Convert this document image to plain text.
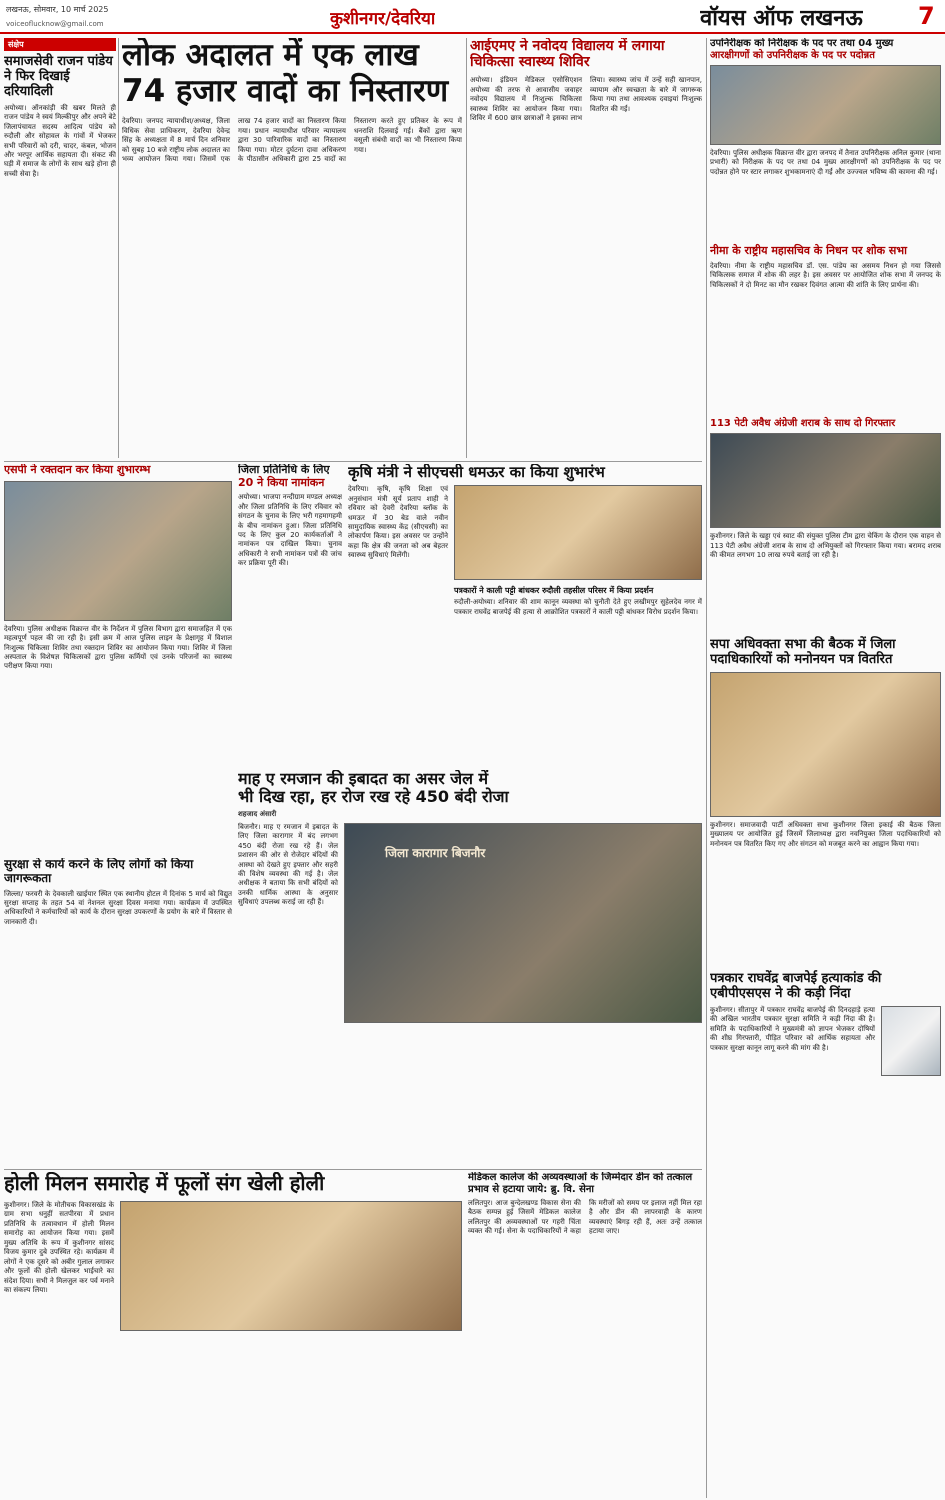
लखनऊ, सोमवार, 10 मार्च 2025
voiceoflucknow@gmail.com	कुशीनगर/देवरिया	वॉयस ऑफ लखनऊ 7
संक्षेप
समाजसेवी राजन पांडेय ने फिर दिखाई दरियादिली
अयोध्या। ऑनकांड़ी की खबर मिलते ही राजन पांडेय ने स्वयं मिल्कीपुर और अपने बेटे जिलापंचायत सदस्य आदित्य पांडेय को रुदौली और सोहावल के गांवों में भेजकर सभी परिवारों को दरी, चादर, कंबल, भोजन और भरपूर आर्थिक सहायता दी। संकट की घड़ी में समाज के लोगों के साथ खड़े होना ही सच्ची सेवा है।
लोक अदालत में एक लाख
74 हजार वादों का निस्तारण
देवरिया। जनपद न्यायाधीश/अध्यक्ष, जिला विधिक सेवा प्राधिकरण, देवरिया देवेन्द्र सिंह के अध्यक्षता में 8 मार्च दिन शनिवार को सुबह 10 बजे राष्ट्रीय लोक अदालत का भव्य आयोजन किया गया। जिसमें एक लाख 74 हजार वादों का निस्तारण किया गया। प्रधान न्यायाधीश परिवार न्यायालय द्वारा 30 पारिवारिक वादों का निस्तारण किया गया। मोटर दुर्घटना दावा अधिकरण के पीठासीन अधिकारी द्वारा 25 वादों का निस्तारण करते हुए प्रतिकर के रूप में धनराशि दिलवाई गई। बैंकों द्वारा ऋण वसूली संबंधी वादों का भी निस्तारण किया गया।
आईएमए ने नवोदय विद्यालय में लगाया चिकित्सा स्वास्थ्य शिविर
अयोध्या। इंडियन मेडिकल एसोसिएशन अयोध्या की तरफ से आवासीय जवाहर नवोदय विद्यालय में निःशुल्क चिकित्सा स्वास्थ्य शिविर का आयोजन किया गया। शिविर में 600 छात्र छात्राओं ने इसका लाभ लिया। स्वास्थ्य जांच में उन्हें सही खानपान, व्यायाम और स्वच्छता के बारे में जागरूक किया गया तथा आवश्यक दवाइयां निःशुल्क वितरित की गईं।
उपनिरीक्षक को निरीक्षक के पद पर तथा 04 मुख्य
आरक्षीगणों को उपनिरीक्षक के पद पर पदोन्नत
देवरिया। पुलिस अधीक्षक विक्रान्त वीर द्वारा जनपद में तैनात उपनिरीक्षक अनिल कुमार (थाना प्रभारी) को निरीक्षक के पद पर तथा 04 मुख्य आरक्षीगणों को उपनिरीक्षक के पद पर पदोन्नत होने पर स्टार लगाकर शुभकामनाएं दी गईं और उज्ज्वल भविष्य की कामना की गई।
नीमा के राष्ट्रीय महासचिव के निधन पर शोक सभा
देवरिया। नीमा के राष्ट्रीय महासचिव डॉ. एस. पांडेय का असमय निधन हो गया जिससे चिकित्सक समाज में शोक की लहर है। इस अवसर पर आयोजित शोक सभा में जनपद के चिकित्सकों ने दो मिनट का मौन रखकर दिवंगत आत्मा की शांति के लिए प्रार्थना की।
113 पेटी अवैध अंग्रेजी शराब के साथ दो गिरफ्तार
कुशीनगर। जिले के खड्डा एवं स्वाट की संयुक्त पुलिस टीम द्वारा चेकिंग के दौरान एक वाहन से 113 पेटी अवैध अंग्रेजी शराब के साथ दो अभियुक्तों को गिरफ्तार किया गया। बरामद शराब की कीमत लगभग 10 लाख रुपये बताई जा रही है।
सपा अधिवक्ता सभा की बैठक में जिला पदाधिकारियों को मनोनयन पत्र वितरित
कुशीनगर। समाजवादी पार्टी अधिवक्ता सभा कुशीनगर जिला इकाई की बैठक जिला मुख्यालय पर आयोजित हुई जिसमें जिलाध्यक्ष द्वारा नवनियुक्त जिला पदाधिकारियों को मनोनयन पत्र वितरित किए गए और संगठन को मजबूत करने का आह्वान किया गया।
पत्रकार राघवेंद्र बाजपेई हत्याकांड की एबीपीएसएस ने की कड़ी निंदा
कुशीनगर। सीतापुर में पत्रकार राघवेंद्र बाजपेई की दिनदहाड़े हत्या की अखिल भारतीय पत्रकार सुरक्षा समिति ने कड़ी निंदा की है। समिति के पदाधिकारियों ने मुख्यमंत्री को ज्ञापन भेजकर दोषियों की शीघ्र गिरफ्तारी, पीड़ित परिवार को आर्थिक सहायता और पत्रकार सुरक्षा कानून लागू करने की मांग की है।
एसपी ने रक्तदान कर किया शुभारम्भ
देवरिया। पुलिस अधीक्षक विक्रान्त वीर के निर्देशन में पुलिस विभाग द्वारा समाजहित में एक महत्वपूर्ण पहल की जा रही है। इसी क्रम में आज पुलिस लाइन के प्रेक्षागृह में विशाल निःशुल्क चिकित्सा शिविर तथा रक्तदान शिविर का आयोजन किया गया। शिविर में जिला अस्पताल के विशेषज्ञ चिकित्सकों द्वारा पुलिस कर्मियों एवं उनके परिजनों का स्वास्थ्य परीक्षण किया गया।
जिला प्रतिनिधि के लिए
20 ने किया नामांकन
अयोध्या। भाजपा नन्दीग्राम मण्डल अध्यक्ष और जिला प्रतिनिधि के लिए रविवार को संगठन के चुनाव के लिए भरी गहमागहमी के बीच नामांकन हुआ। जिला प्रतिनिधि पद के लिए कुल 20 कार्यकर्ताओं ने नामांकन पत्र दाखिल किया। चुनाव अधिकारी ने सभी नामांकन पत्रों की जांच कर प्रक्रिया पूरी की।
कृषि मंत्री ने सीएचसी धमऊर का किया शुभारंभ
देवरिया। कृषि, कृषि शिक्षा एवं अनुसंधान मंत्री सूर्य प्रताप शाही ने रविवार को देवरी देवरिया ब्लॉक के धमऊर में 30 बेड वाले नवीन सामुदायिक स्वास्थ्य केंद्र (सीएचसी) का लोकार्पण किया। इस अवसर पर उन्होंने कहा कि क्षेत्र की जनता को अब बेहतर स्वास्थ्य सुविधाएं मिलेंगी।
पत्रकारों ने काली पट्टी बांधकर रुदौली तहसील परिसर में किया प्रदर्शन
रुदौली-अयोध्या। शनिवार की शाम कानून व्यवस्था को चुनौती देते हुए लखीमपुर सुहेलदेव नगर में पत्रकार राघवेंद्र बाजपेई की हत्या से आक्रोशित पत्रकारों ने काली पट्टी बांधकर विरोध प्रदर्शन किया।
सुरक्षा से कार्य करने के लिए लोगों को किया जागरूकता
जिल्ला/ फरवरी के देवकाली खाईयार स्थित एक स्थानीय होटल में दिनांक 5 मार्च को विद्युत सुरक्षा सप्ताह के तहत 54 वां नेशनल सुरक्षा दिवस मनाया गया। कार्यक्रम में उपस्थित अधिकारियों ने कर्मचारियों को कार्य के दौरान सुरक्षा उपकरणों के प्रयोग के बारे में विस्तार से जानकारी दी।
माह ए रमजान की इबादत का असर जेल में
भी दिख रहा, हर रोज रख रहे 450 बंदी रोजा
शहजाद अंसारी
बिजनौर। माह ए रमजान में इबादत के लिए जिला कारागार में बंद लगभग 450 बंदी रोजा रख रहे हैं। जेल प्रशासन की ओर से रोजेदार बंदियों की आस्था को देखते हुए इफ्तार और सहरी की विशेष व्यवस्था की गई है। जेल अधीक्षक ने बताया कि सभी बंदियों को उनकी धार्मिक आस्था के अनुसार सुविधाएं उपलब्ध कराई जा रही हैं।
जिला कारागार बिजनौर
होली मिलन समारोह में फूलों संग खेली होली
कुशीनगर। जिले के मोतीचक विकासखंड के ग्राम सभा धनुहीं सतपीरवा में प्रधान प्रतिनिधि के तत्वावधान में होली मिलन समारोह का आयोजन किया गया। इसमें मुख्य अतिथि के रूप में कुशीनगर सांसद विजय कुमार दुबे उपस्थित रहे। कार्यक्रम में लोगों ने एक दूसरे को अबीर गुलाल लगाकर और फूलों की होली खेलकर भाईचारे का संदेश दिया। सभी ने मिलजुल कर पर्व मनाने का संकल्प लिया।
मेडिकल कालेज की अव्यवस्थाओं के जिम्मेदार डीन को तत्काल प्रभाव से हटाया जाये: ब्रु. वि. सेना
ललितपुर। आज बुन्देलखण्ड विकास सेना की बैठक सम्पन्न हुई जिसमें मेडिकल कालेज ललितपुर की अव्यवस्थाओं पर गहरी चिंता व्यक्त की गई। सेना के पदाधिकारियों ने कहा कि मरीजों को समय पर इलाज नहीं मिल रहा है और डीन की लापरवाही के कारण व्यवस्थाएं बिगड़ रही हैं, अतः उन्हें तत्काल हटाया जाए।
